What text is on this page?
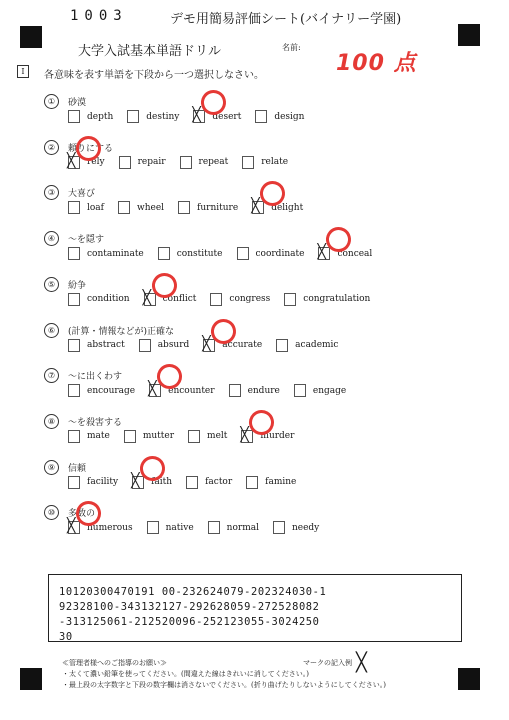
1003	デモ用簡易評価シート(バイナリー学園)
大学入試基本単語ドリル	名前:
100 点
I	各意味を表す単語を下段から一つ選択しなさい。
①	砂漠
depth	destiny ╳ desert	design
②	頼りにする
╳ rely	repair	repeat	relate
③	大喜び
loaf	wheel	furniture ╳ delight
④	～を隠す
contaminate	constitute	coordinate ╳ conceal
⑤	紛争
condition ╳ conflict	congress	congratulation
⑥	(計算・情報などが)正確な
abstract	absurd ╳ accurate	academic
⑦	～に出くわす
encourage ╳ encounter	endure	engage
⑧	～を殺害する
mate	mutter	melt ╳ murder
⑨	信頼
facility ╳ faith	factor	famine
⑩	多数の
╳ numerous	native	normal	needy
10120300470191 00-232624079-202324030-1
92328100-343132127-292628059-272528082
-313125061-212520096-252123055-3024250
30
≪管理者様へのご指導のお願い≫
・太くて濃い鉛筆を使ってください。(間違えた線はきれいに消してください。)
・最上段の太字数字と下段の数字欄は消さないでください。(折り曲げたりしないようにしてください。)
マークの記入例 ╳
